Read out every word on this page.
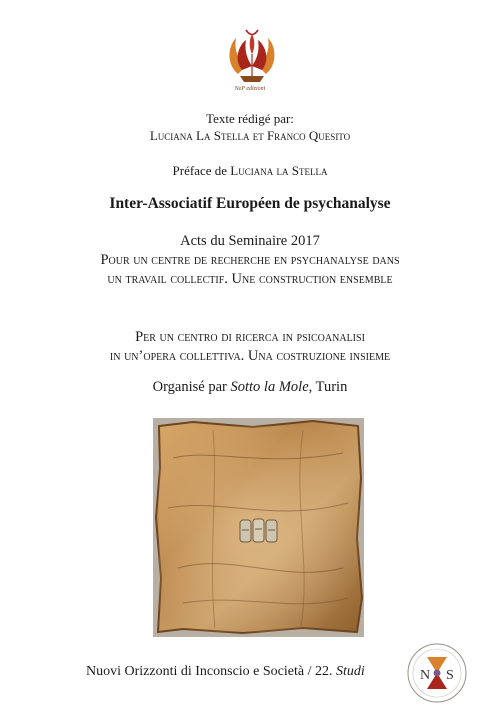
NeP edizioni
Texte rédigé par:
Luciana La Stella et Franco Quesito
Préface de Luciana la Stella
Inter-Associatif Européen de psychanalyse
Acts du Seminaire 2017
Pour un centre de recherche en psychanalyse dans
un travail collectif. Une construction ensemble
Per un centro di ricerca in psicoanalisi
in un’opera collettiva. Una costruzione insieme
Organisé par Sotto la Mole, Turin
Nuovi Orizzonti di Inconscio e Società / 22. Studi	N S
